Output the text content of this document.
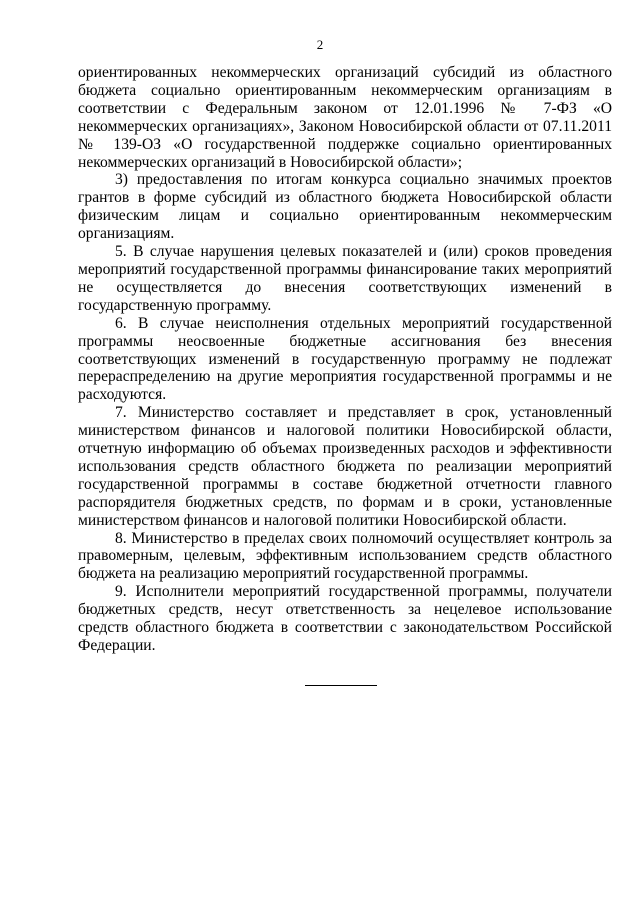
2

ориентированных некоммерческих организаций субсидий из областного бюджета социально ориентированным некоммерческим организациям в соответствии с Федеральным законом от 12.01.1996 № 7-ФЗ «О некоммерческих организациях», Законом Новосибирской области от 07.11.2011 № 139-ОЗ «О государственной поддержке социально ориентированных некоммерческих организаций в Новосибирской области»;

3) предоставления по итогам конкурса социально значимых проектов грантов в форме субсидий из областного бюджета Новосибирской области физическим лицам и социально ориентированным некоммерческим организациям.

5. В случае нарушения целевых показателей и (или) сроков проведения мероприятий государственной программы финансирование таких мероприятий не осуществляется до внесения соответствующих изменений в государственную программу.

6. В случае неисполнения отдельных мероприятий государственной программы неосвоенные бюджетные ассигнования без внесения соответствующих изменений в государственную программу не подлежат перераспределению на другие мероприятия государственной программы и не расходуются.

7. Министерство составляет и представляет в срок, установленный министерством финансов и налоговой политики Новосибирской области, отчетную информацию об объемах произведенных расходов и эффективности использования средств областного бюджета по реализации мероприятий государственной программы в составе бюджетной отчетности главного распорядителя бюджетных средств, по формам и в сроки, установленные министерством финансов и налоговой политики Новосибирской области.

8. Министерство в пределах своих полномочий осуществляет контроль за правомерным, целевым, эффективным использованием средств областного бюджета на реализацию мероприятий государственной программы.

9. Исполнители мероприятий государственной программы, получатели бюджетных средств, несут ответственность за нецелевое использование средств областного бюджета в соответствии с законодательством Российской Федерации.
